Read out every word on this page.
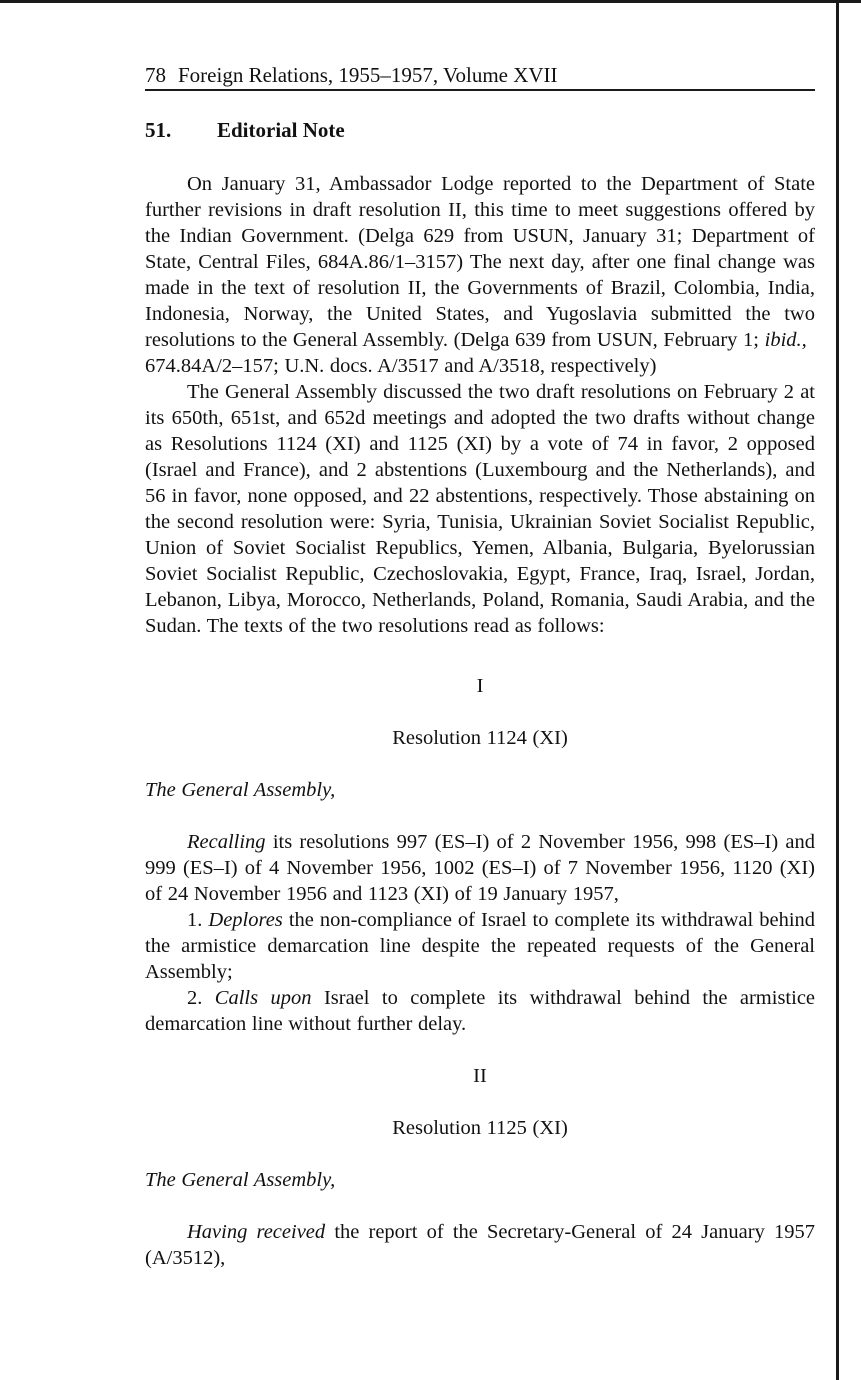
78 Foreign Relations, 1955–1957, Volume XVII
51. Editorial Note

On January 31, Ambassador Lodge reported to the Department of State further revisions in draft resolution II, this time to meet suggestions offered by the Indian Government. (Delga 629 from USUN, January 31; Department of State, Central Files, 684A.86/1–3157) The next day, after one final change was made in the text of resolution II, the Governments of Brazil, Colombia, India, Indonesia, Norway, the United States, and Yugoslavia submitted the two resolutions to the General Assembly. (Delga 639 from USUN, February 1; ibid.,
674.84A/2–157; U.N. docs. A/3517 and A/3518, respectively)

The General Assembly discussed the two draft resolutions on February 2 at its 650th, 651st, and 652d meetings and adopted the two drafts without change as Resolutions 1124 (XI) and 1125 (XI) by a vote of 74 in favor, 2 opposed (Israel and France), and 2 abstentions (Luxembourg and the Netherlands), and 56 in favor, none opposed, and 22 abstentions, respectively. Those abstaining on the second resolution were: Syria, Tunisia, Ukrainian Soviet Socialist Republic, Union of Soviet Socialist Republics, Yemen, Albania, Bulgaria, Byelorussian Soviet Socialist Republic, Czechoslovakia, Egypt, France, Iraq, Israel, Jordan, Lebanon, Libya, Morocco, Netherlands, Poland, Romania, Saudi Arabia, and the Sudan. The texts of the two resolutions read as follows:

I

Resolution 1124 (XI)

The General Assembly,

Recalling its resolutions 997 (ES–I) of 2 November 1956, 998 (ES–I) and 999 (ES–I) of 4 November 1956, 1002 (ES–I) of 7 November 1956, 1120 (XI) of 24 November 1956 and 1123 (XI) of 19 January 1957,

1. Deplores the non-compliance of Israel to complete its withdrawal behind the armistice demarcation line despite the repeated requests of the General Assembly;

2. Calls upon Israel to complete its withdrawal behind the armistice demarcation line without further delay.

II

Resolution 1125 (XI)

The General Assembly,

Having received the report of the Secretary-General of 24 January 1957 (A/3512),
